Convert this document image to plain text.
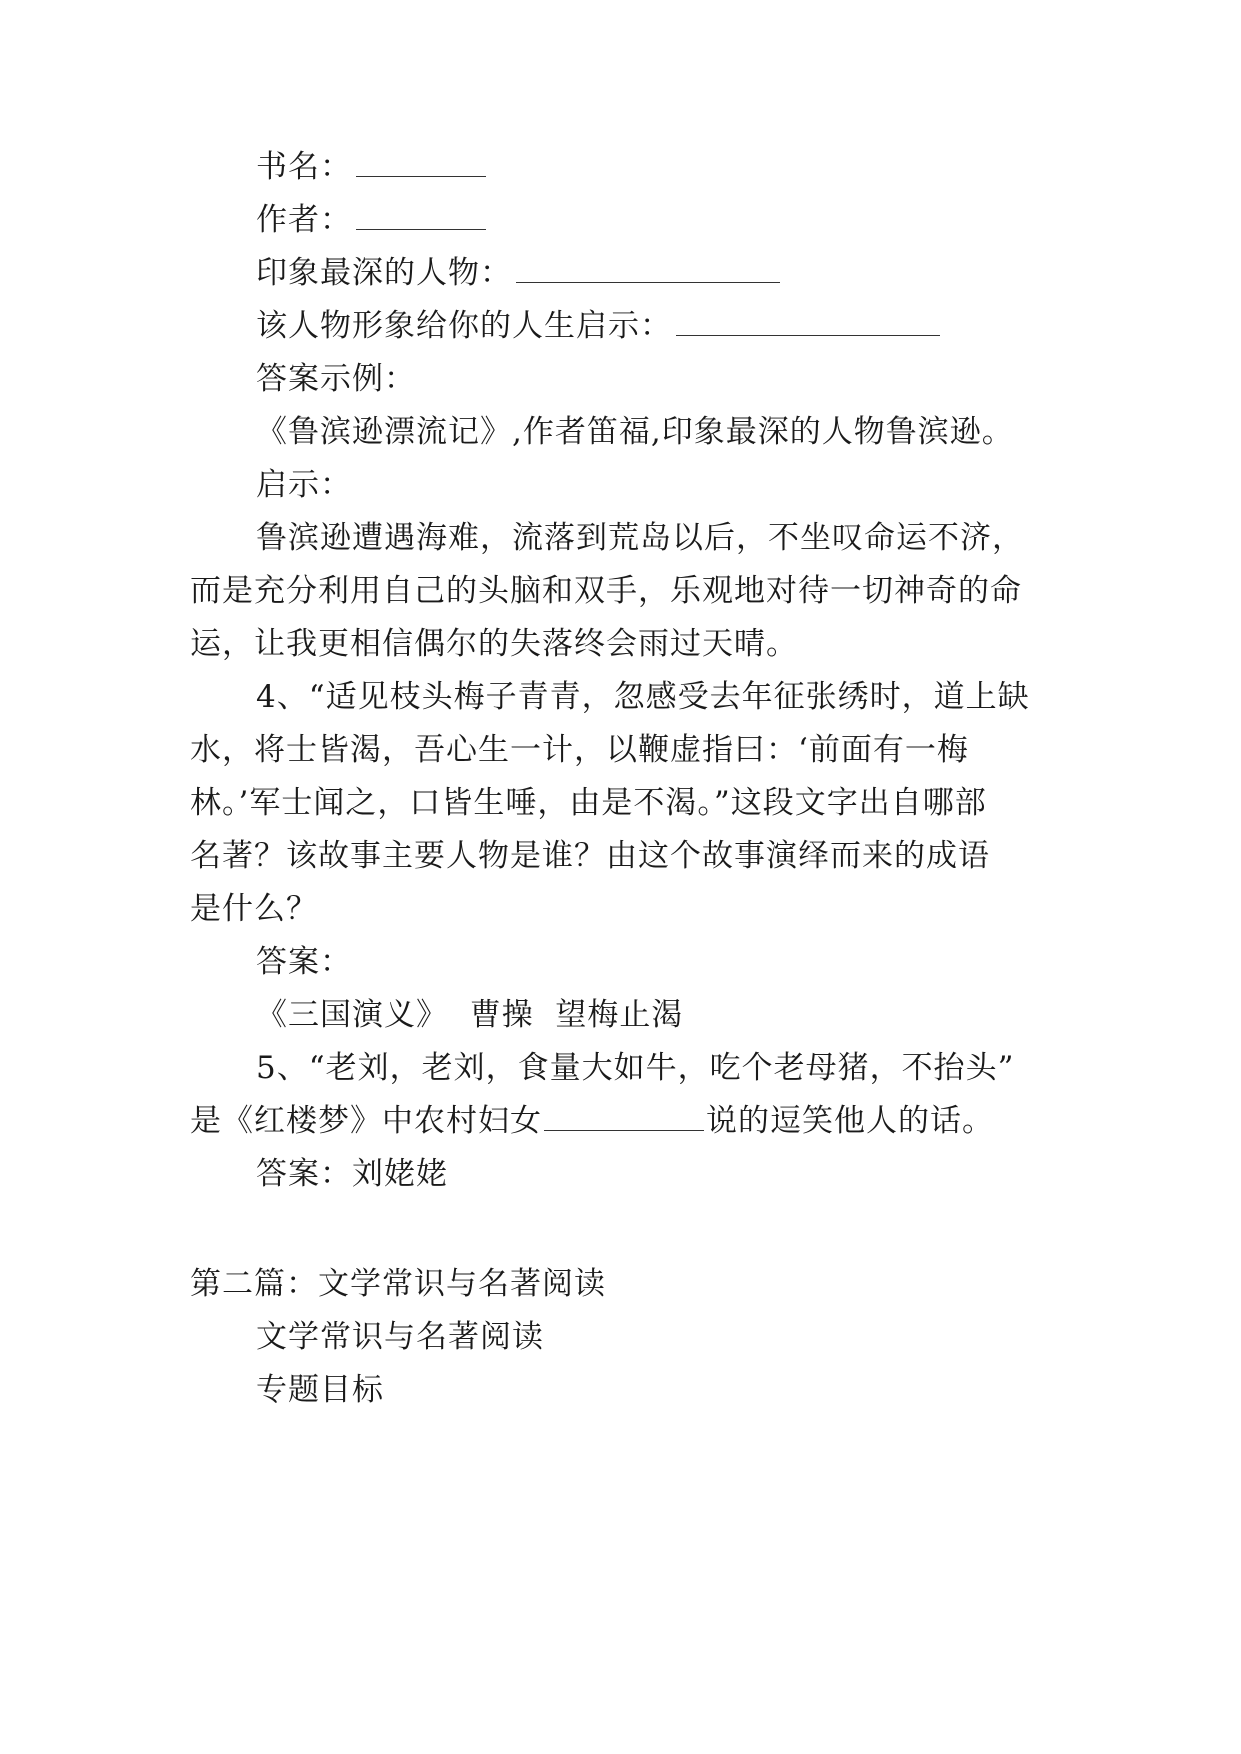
书名：
作者：
印象最深的人物：
该人物形象给你的人生启示：
答案示例：
《鲁滨逊漂流记》,作者笛福,印象最深的人物鲁滨逊。
启示：
鲁滨逊遭遇海难，流落到荒岛以后，不坐叹命运不济，
而是充分利用自己的头脑和双手，乐观地对待一切神奇的命
运，让我更相信偶尔的失落终会雨过天晴。
4、“适见枝头梅子青青，忽感受去年征张绣时，道上缺
水，将士皆渴，吾心生一计，以鞭虚指曰：‘前面有一梅
林。’军士闻之，口皆生唾，由是不渴。”这段文字出自哪部
名著？该故事主要人物是谁？由这个故事演绎而来的成语
是什么？
答案：
《三国演义》  曹操  望梅止渴
5、“老刘，老刘，食量大如牛，吃个老母猪，不抬头”
是《红楼梦》中农村妇女	说的逗笑他人的话。
答案：刘姥姥
第二篇：文学常识与名著阅读
文学常识与名著阅读
专题目标
